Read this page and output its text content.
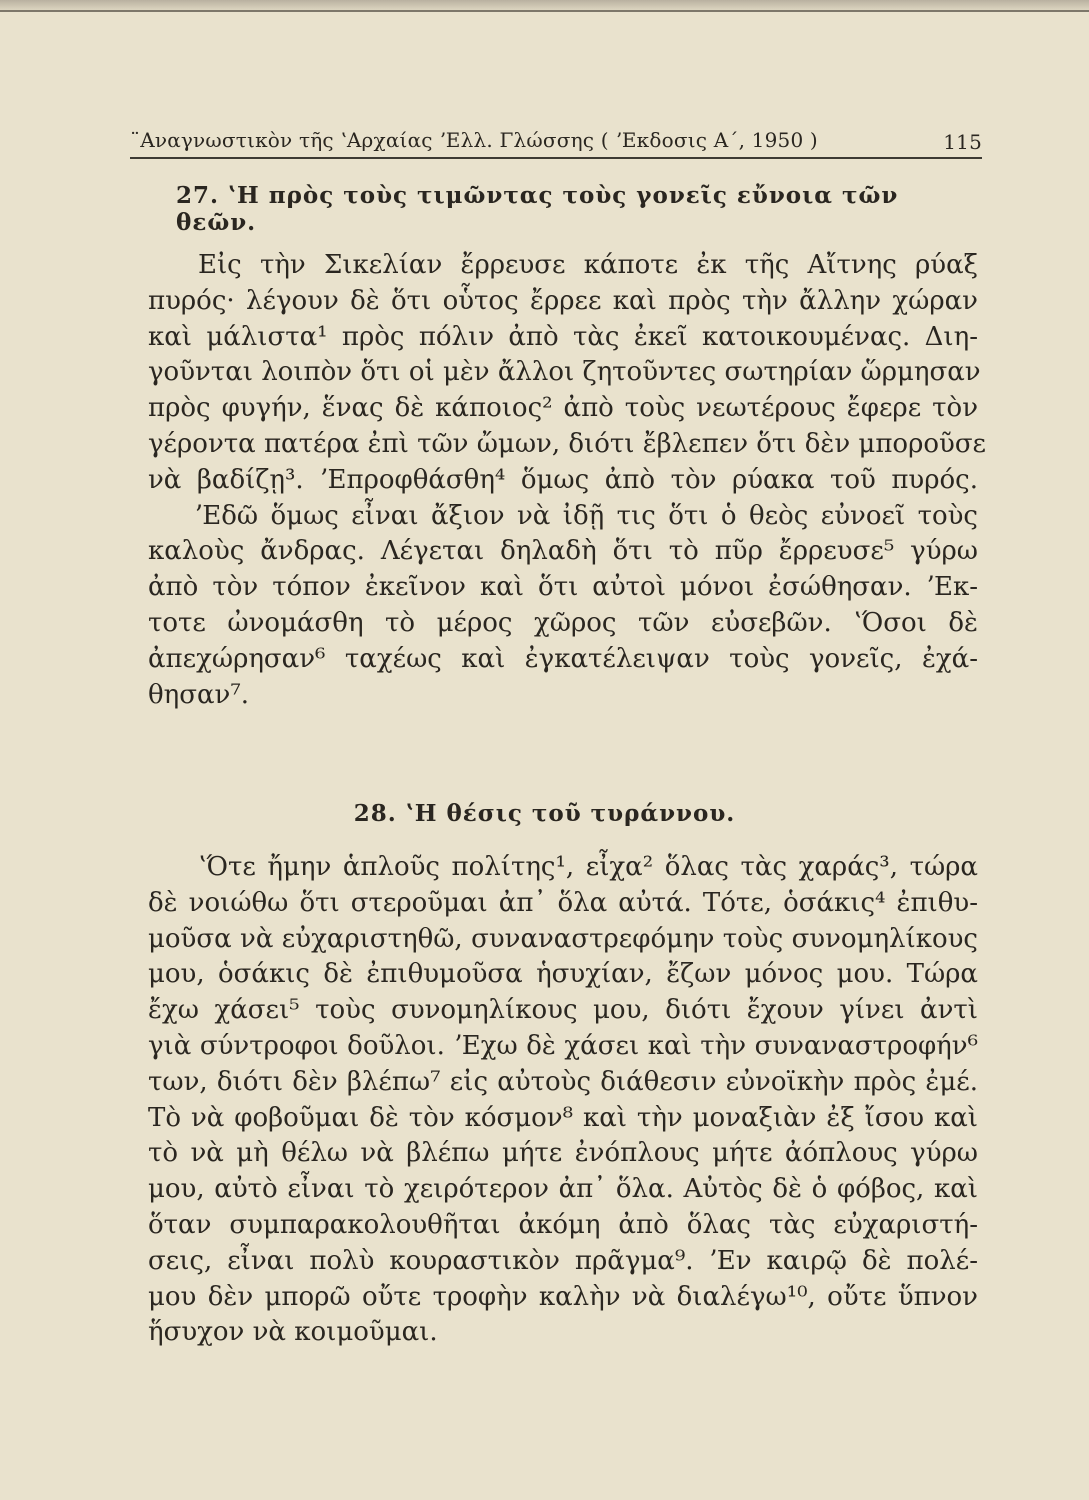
¨Αναγνωστικὸν τῆς ʽΑρχαίας ʼΕλλ. Γλώσσης ( ʼΕκδοσις Α΄, 1950 )	115
27. ʽΗ πρὸς τοὺς τιμῶντας τοὺς γονεῖς εὔνοια τῶν θεῶν.
Εἰς τὴν Σικελίαν ἔρρευσε κάποτε ἐκ τῆς Αἴτνης ρύαξ
πυρός· λέγουν δὲ ὅτι οὗτος ἔρρεε καὶ πρὸς τὴν ἄλλην χώραν
καὶ μάλιστα¹ πρὸς πόλιν ἀπὸ τὰς ἐκεῖ κατοικουμένας. Διη-
γοῦνται λοιπὸν ὅτι οἱ μὲν ἄλλοι ζητοῦντες σωτηρίαν ὥρμησαν
πρὸς φυγήν, ἕνας δὲ κάποιος² ἀπὸ τοὺς νεωτέρους ἔφερε τὸν
γέροντα πατέρα ἐπὶ τῶν ὤμων, διότι ἔβλεπεν ὅτι δὲν μποροῦσε
νὰ βαδίζῃ³. ʼΕπροφθάσθη⁴ ὅμως ἀπὸ τὸν ρύακα τοῦ πυρός.
ʼΕδῶ ὅμως εἶναι ἄξιον νὰ ἰδῇ τις ὅτι ὁ θεὸς εὐνοεῖ τοὺς
καλοὺς ἄνδρας. Λέγεται δηλαδὴ ὅτι τὸ πῦρ ἔρρευσε⁵ γύρω
ἀπὸ τὸν τόπον ἐκεῖνον καὶ ὅτι αὐτοὶ μόνοι ἐσώθησαν. ʼΕκ-
τοτε ὠνομάσθη τὸ μέρος χῶρος τῶν εὐσεβῶν. ʽΌσοι δὲ
ἀπεχώρησαν⁶ ταχέως καὶ ἐγκατέλειψαν τοὺς γονεῖς, ἐχά-
θησαν⁷.
28. ʽΗ θέσις τοῦ τυράννου.
ʽΌτε ἤμην ἁπλοῦς πολίτης¹, εἶχα² ὅλας τὰς χαράς³, τώρα
δὲ νοιώθω ὅτι στεροῦμαι ἀπ᾽ ὅλα αὐτά. Τότε, ὁσάκις⁴ ἐπιθυ-
μοῦσα νὰ εὐχαριστηθῶ, συναναστρεφόμην τοὺς συνομηλίκους
μου, ὁσάκις δὲ ἐπιθυμοῦσα ἡσυχίαν, ἔζων μόνος μου. Τώρα
ἔχω χάσει⁵ τοὺς συνομηλίκους μου, διότι ἔχουν γίνει ἀντὶ
γιὰ σύντροφοι δοῦλοι. ʼΕχω δὲ χάσει καὶ τὴν συναναστροφήν⁶
των, διότι δὲν βλέπω⁷ εἰς αὐτοὺς διάθεσιν εὐνοϊκὴν πρὸς ἐμέ.
Τὸ νὰ φοβοῦμαι δὲ τὸν κόσμον⁸ καὶ τὴν μοναξιὰν ἐξ ἴσου καὶ
τὸ νὰ μὴ θέλω νὰ βλέπω μήτε ἐνόπλους μήτε ἀόπλους γύρω
μου, αὐτὸ εἶναι τὸ χειρότερον ἀπ᾽ ὅλα. Αὐτὸς δὲ ὁ φόβος, καὶ
ὅταν συμπαρακολουθῆται ἀκόμη ἀπὸ ὅλας τὰς εὐχαριστή-
σεις, εἶναι πολὺ κουραστικὸν πρᾶγμα⁹. ʼΕν καιρῷ δὲ πολέ-
μου δὲν μπορῶ οὔτε τροφὴν καλὴν νὰ διαλέγω¹⁰, οὔτε ὕπνον
ἥσυχον νὰ κοιμοῦμαι.
